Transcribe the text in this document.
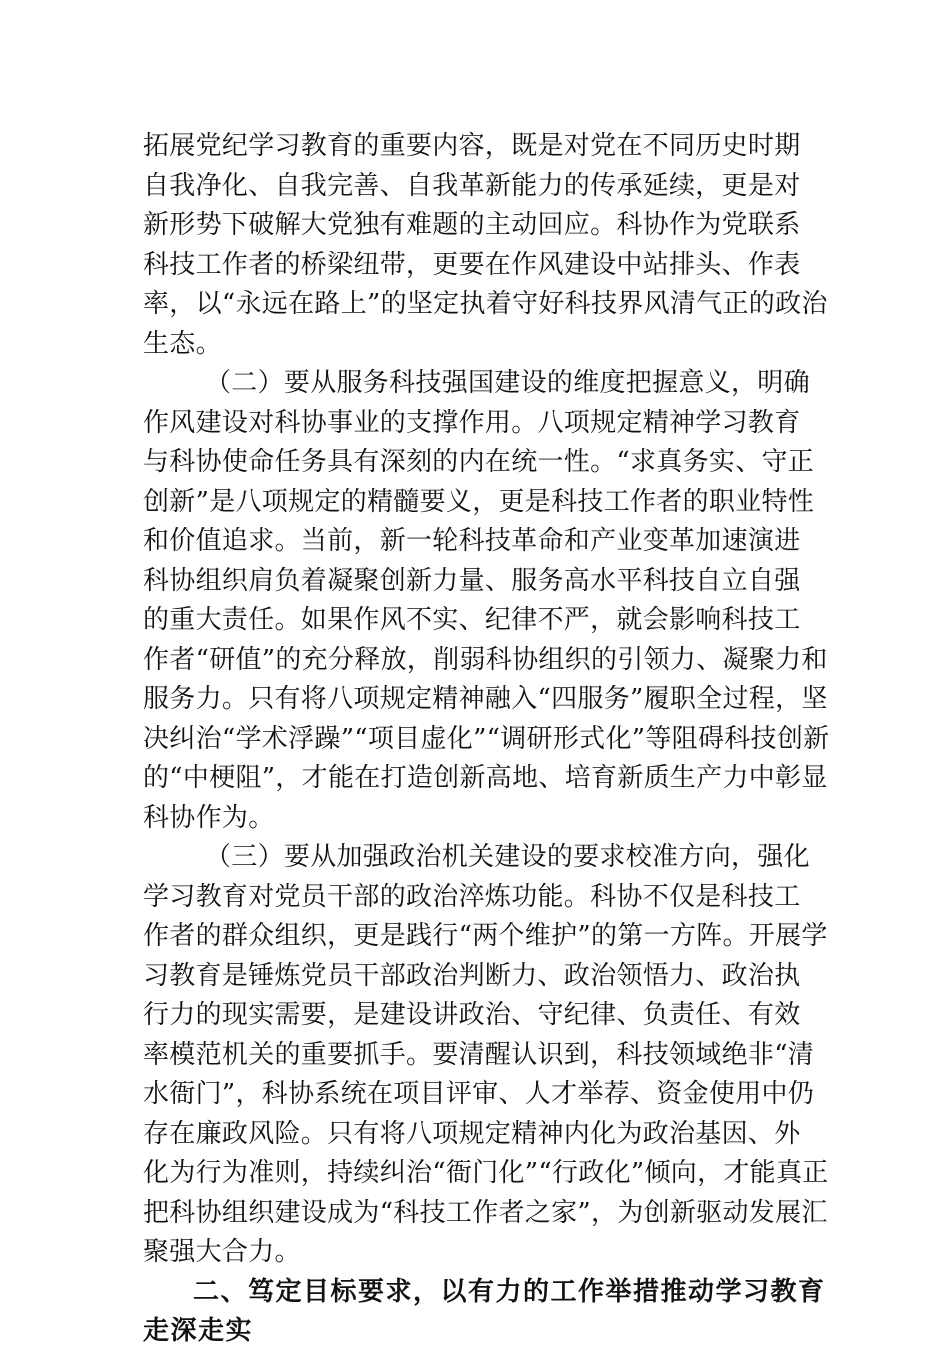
拓展党纪学习教育的重要内容，既是对党在不同历史时期
自我净化、自我完善、自我革新能力的传承延续，更是对
新形势下破解大党独有难题的主动回应。科协作为党联系
科技工作者的桥梁纽带，更要在作风建设中站排头、作表
率，以“永远在路上”的坚定执着守好科技界风清气正的政治
生态。
（二）要从服务科技强国建设的维度把握意义，明确
作风建设对科协事业的支撑作用。八项规定精神学习教育
与科协使命任务具有深刻的内在统一性。“求真务实、守正
创新”是八项规定的精髓要义，更是科技工作者的职业特性
和价值追求。当前，新一轮科技革命和产业变革加速演进
科协组织肩负着凝聚创新力量、服务高水平科技自立自强
的重大责任。如果作风不实、纪律不严，就会影响科技工
作者“研值”的充分释放，削弱科协组织的引领力、凝聚力和
服务力。只有将八项规定精神融入“四服务”履职全过程，坚
决纠治“学术浮躁”“项目虚化”“调研形式化”等阻碍科技创新
的“中梗阻”，才能在打造创新高地、培育新质生产力中彰显
科协作为。
（三）要从加强政治机关建设的要求校准方向，强化
学习教育对党员干部的政治淬炼功能。科协不仅是科技工
作者的群众组织，更是践行“两个维护”的第一方阵。开展学
习教育是锤炼党员干部政治判断力、政治领悟力、政治执
行力的现实需要，是建设讲政治、守纪律、负责任、有效
率模范机关的重要抓手。要清醒认识到，科技领域绝非“清
水衙门”，科协系统在项目评审、人才举荐、资金使用中仍
存在廉政风险。只有将八项规定精神内化为政治基因、外
化为行为准则，持续纠治“衙门化”“行政化”倾向，才能真正
把科协组织建设成为“科技工作者之家”，为创新驱动发展汇
聚强大合力。
二、笃定目标要求，以有力的工作举措推动学习教育
走深走实
